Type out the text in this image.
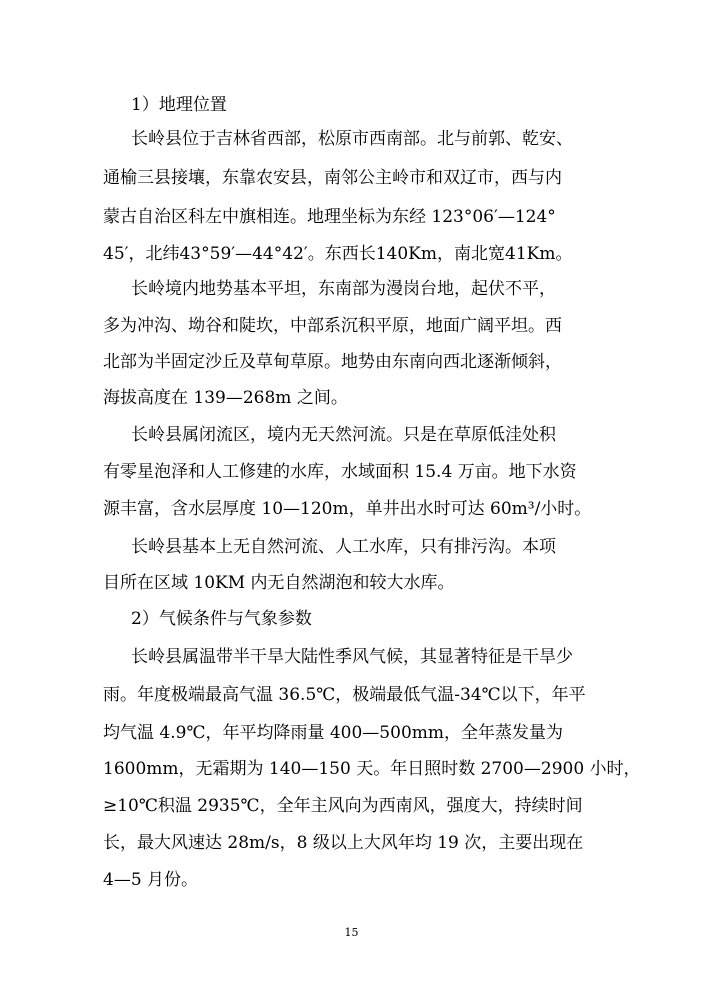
1）地理位置
长岭县位于吉林省西部，松原市西南部。北与前郭、乾安、
通榆三县接壤，东靠农安县，南邻公主岭市和双辽市，西与内
蒙古自治区科左中旗相连。地理坐标为东经 123°06′—124°
45′，北纬43°59′—44°42′。东西长140Km，南北宽41Km。
长岭境内地势基本平坦，东南部为漫岗台地，起伏不平，
多为冲沟、坳谷和陡坎，中部系沉积平原，地面广阔平坦。西
北部为半固定沙丘及草甸草原。地势由东南向西北逐渐倾斜，
海拔高度在 139—268m 之间。
长岭县属闭流区，境内无天然河流。只是在草原低洼处积
有零星泡泽和人工修建的水库，水域面积 15.4 万亩。地下水资
源丰富，含水层厚度 10—120m，单井出水时可达 60m³/小时。
长岭县基本上无自然河流、人工水库，只有排污沟。本项
目所在区域 10KM 内无自然湖泡和较大水库。
2）气候条件与气象参数
长岭县属温带半干旱大陆性季风气候，其显著特征是干旱少
雨。年度极端最高气温 36.5℃，极端最低气温-34℃以下，年平
均气温 4.9℃，年平均降雨量 400—500mm，全年蒸发量为
1600mm，无霜期为 140—150 天。年日照时数 2700—2900 小时，
≥10℃积温 2935℃，全年主风向为西南风，强度大，持续时间
长，最大风速达 28m/s，8 级以上大风年均 19 次，主要出现在
4—5 月份。
15
